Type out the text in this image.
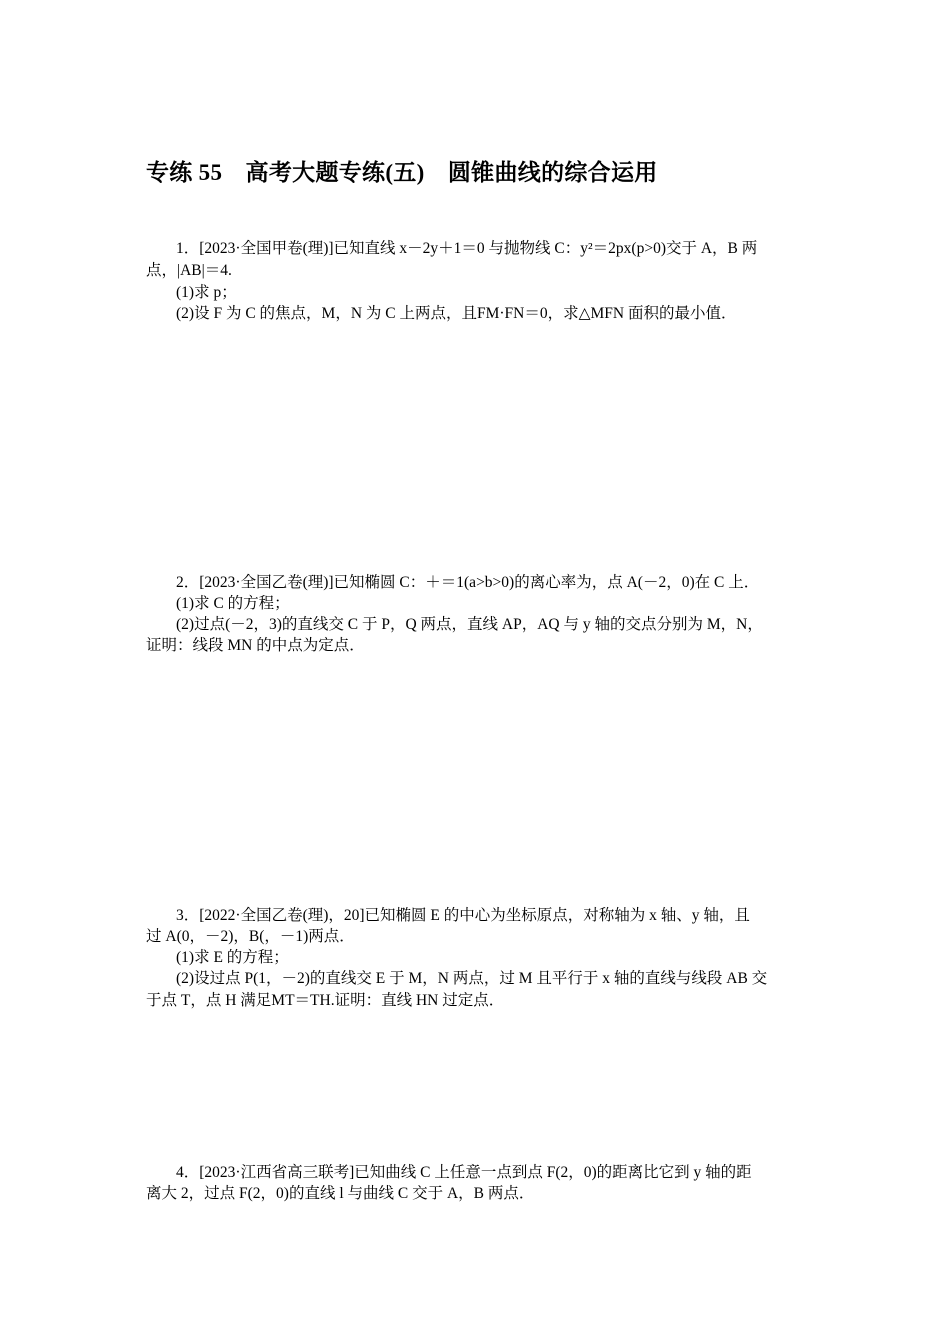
专练 55　高考大题专练(五)　圆锥曲线的综合运用
1．[2023·全国甲卷(理)]已知直线 x－2y＋1＝0 与抛物线 C：y²＝2px(p>0)交于 A，B 两
点，|AB|＝4.
(1)求 p；
(2)设 F 为 C 的焦点，M，N 为 C 上两点，且FM·FN＝0，求△MFN 面积的最小值．
2．[2023·全国乙卷(理)]已知椭圆 C：＋＝1(a>b>0)的离心率为，点 A(－2，0)在 C 上．
(1)求 C 的方程；
(2)过点(－2，3)的直线交 C 于 P，Q 两点，直线 AP，AQ 与 y 轴的交点分别为 M，N，
证明：线段 MN 的中点为定点．
3．[2022·全国乙卷(理)，20]已知椭圆 E 的中心为坐标原点，对称轴为 x 轴、y 轴，且
过 A(0，－2)，B(，－1)两点．
(1)求 E 的方程；
(2)设过点 P(1，－2)的直线交 E 于 M，N 两点，过 M 且平行于 x 轴的直线与线段 AB 交
于点 T，点 H 满足MT＝TH.证明：直线 HN 过定点．
4．[2023·江西省高三联考]已知曲线 C 上任意一点到点 F(2，0)的距离比它到 y 轴的距
离大 2，过点 F(2，0)的直线 l 与曲线 C 交于 A，B 两点．
